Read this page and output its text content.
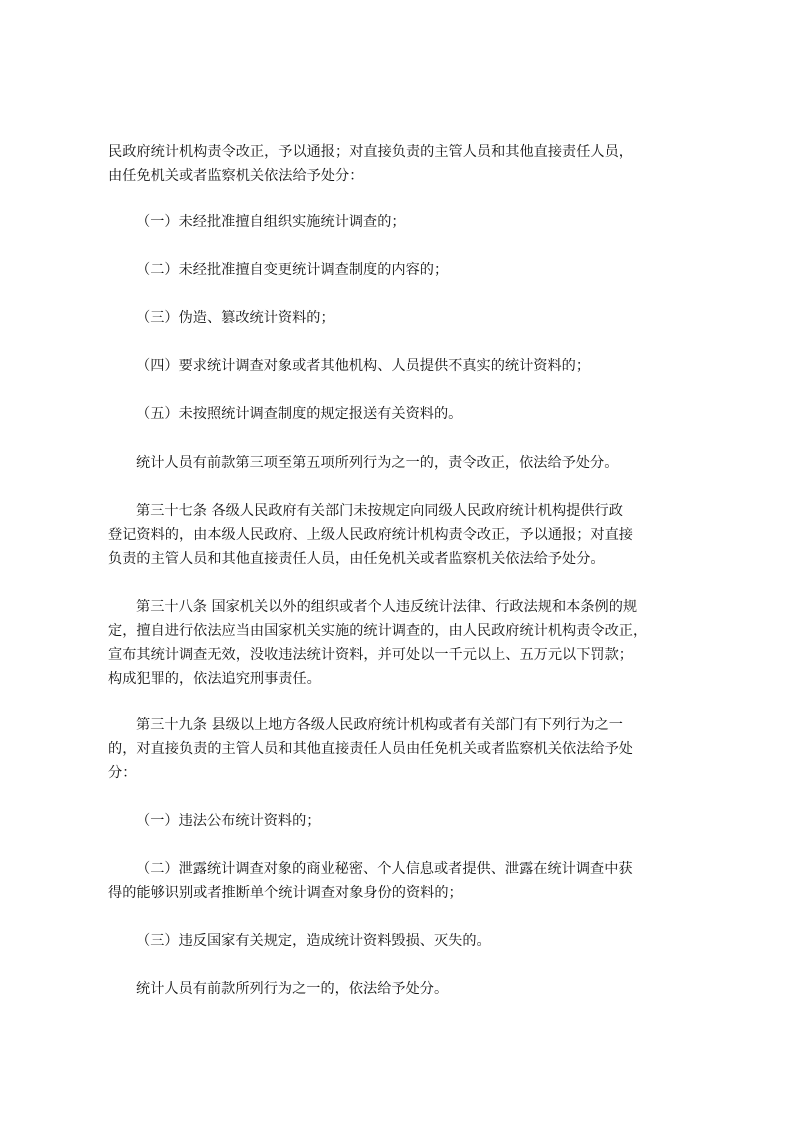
民政府统计机构责令改正，予以通报；对直接负责的主管人员和其他直接责任人员，

由任免机关或者监察机关依法给予处分：

（一）未经批准擅自组织实施统计调查的；

（二）未经批准擅自变更统计调查制度的内容的；

（三）伪造、篡改统计资料的；

（四）要求统计调查对象或者其他机构、人员提供不真实的统计资料的；

（五）未按照统计调查制度的规定报送有关资料的。

统计人员有前款第三项至第五项所列行为之一的，责令改正，依法给予处分。

第三十七条 各级人民政府有关部门未按规定向同级人民政府统计机构提供行政

登记资料的，由本级人民政府、上级人民政府统计机构责令改正，予以通报；对直接

负责的主管人员和其他直接责任人员，由任免机关或者监察机关依法给予处分。

第三十八条 国家机关以外的组织或者个人违反统计法律、行政法规和本条例的规

定，擅自进行依法应当由国家机关实施的统计调查的，由人民政府统计机构责令改正，

宣布其统计调查无效，没收违法统计资料，并可处以一千元以上、五万元以下罚款；

构成犯罪的，依法追究刑事责任。

第三十九条 县级以上地方各级人民政府统计机构或者有关部门有下列行为之一

的，对直接负责的主管人员和其他直接责任人员由任免机关或者监察机关依法给予处

分：

（一）违法公布统计资料的；

（二）泄露统计调查对象的商业秘密、个人信息或者提供、泄露在统计调查中获

得的能够识别或者推断单个统计调查对象身份的资料的；

（三）违反国家有关规定，造成统计资料毁损、灭失的。

统计人员有前款所列行为之一的，依法给予处分。
